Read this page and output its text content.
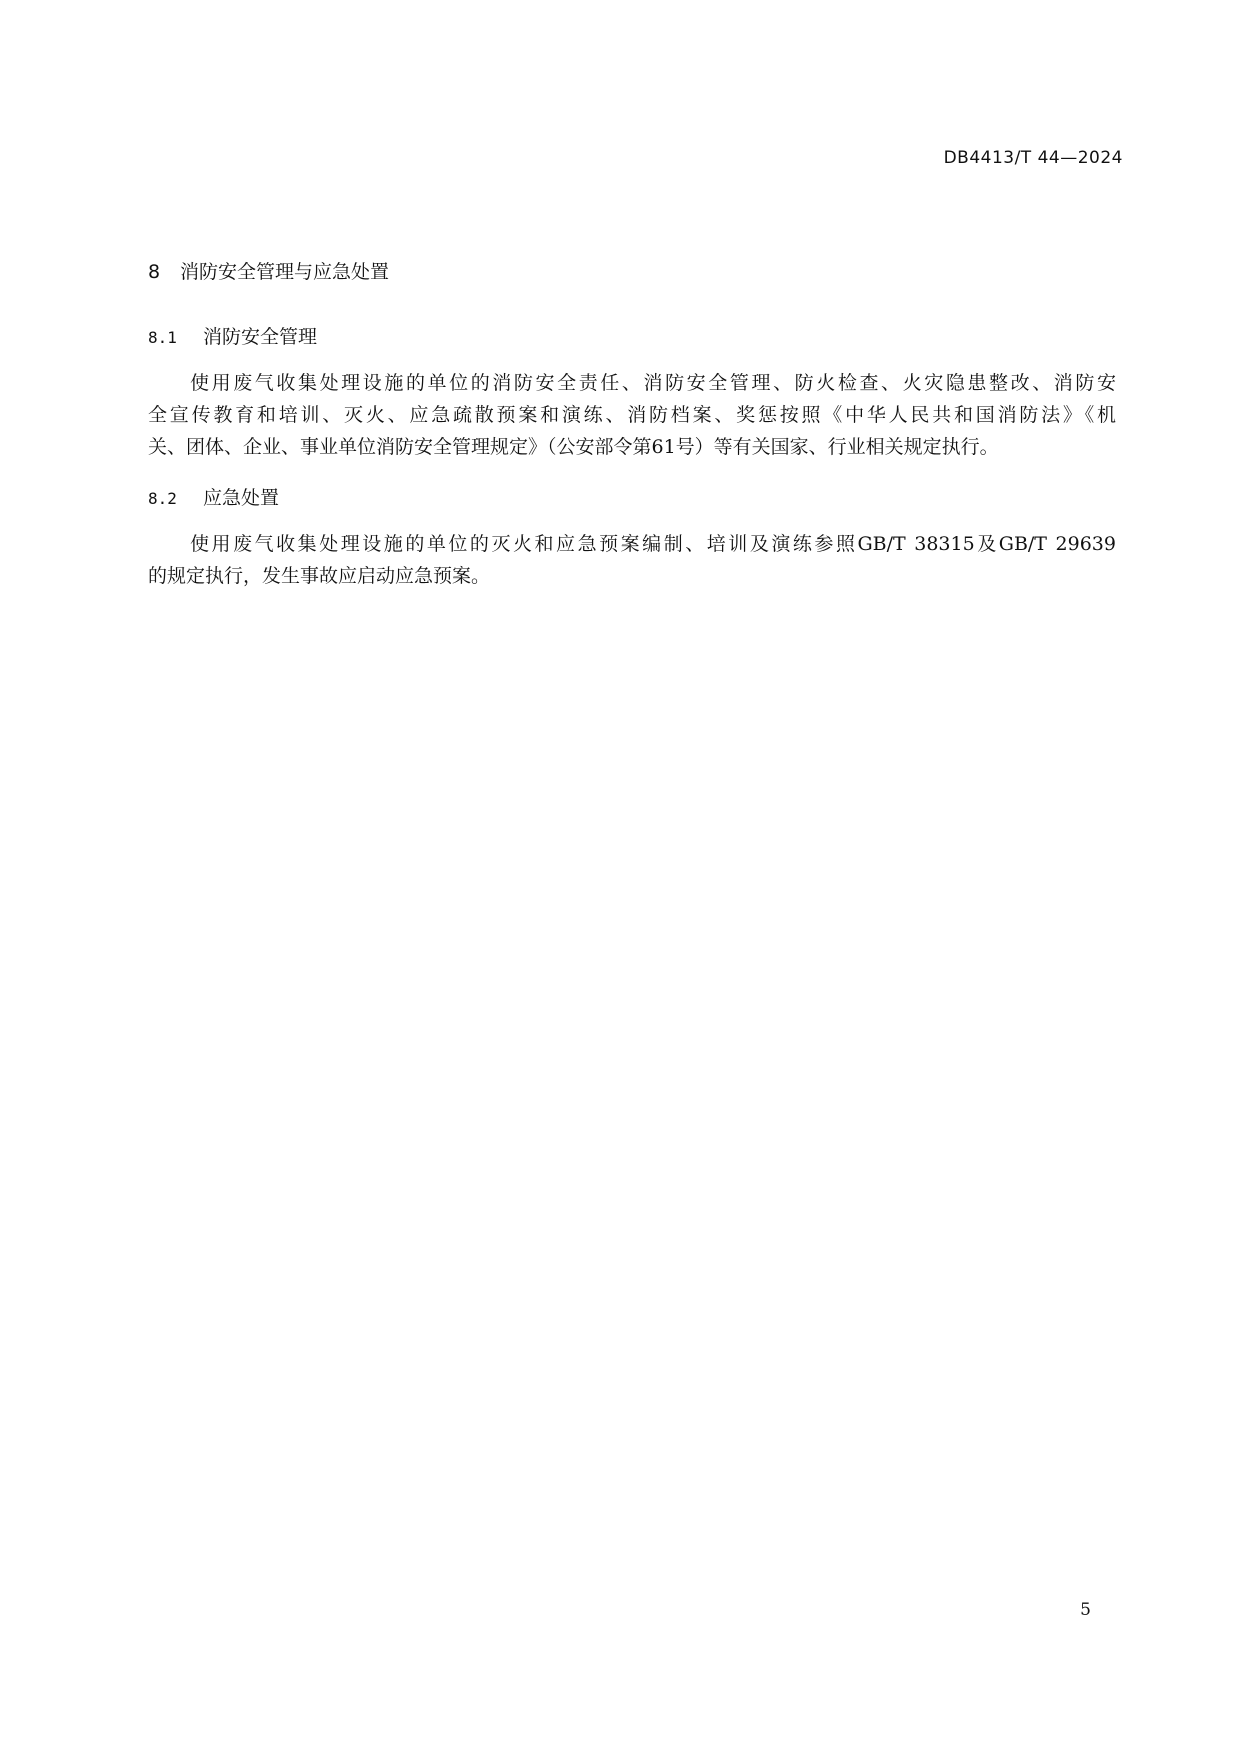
DB4413/T 44—2024
8 消防安全管理与应急处置
8.1 消防安全管理
使用废气收集处理设施的单位的消防安全责任、消防安全管理、防火检查、火灾隐患整改、消防安
全宣传教育和培训、灭火、应急疏散预案和演练、消防档案、奖惩按照《中华人民共和国消防法》《机
关、团体、企业、事业单位消防安全管理规定》（公安部令第61号）等有关国家、行业相关规定执行。
8.2 应急处置
使用废气收集处理设施的单位的灭火和应急预案编制、培训及演练参照GB/T 38315及GB/T 29639
的规定执行，发生事故应启动应急预案。
5
